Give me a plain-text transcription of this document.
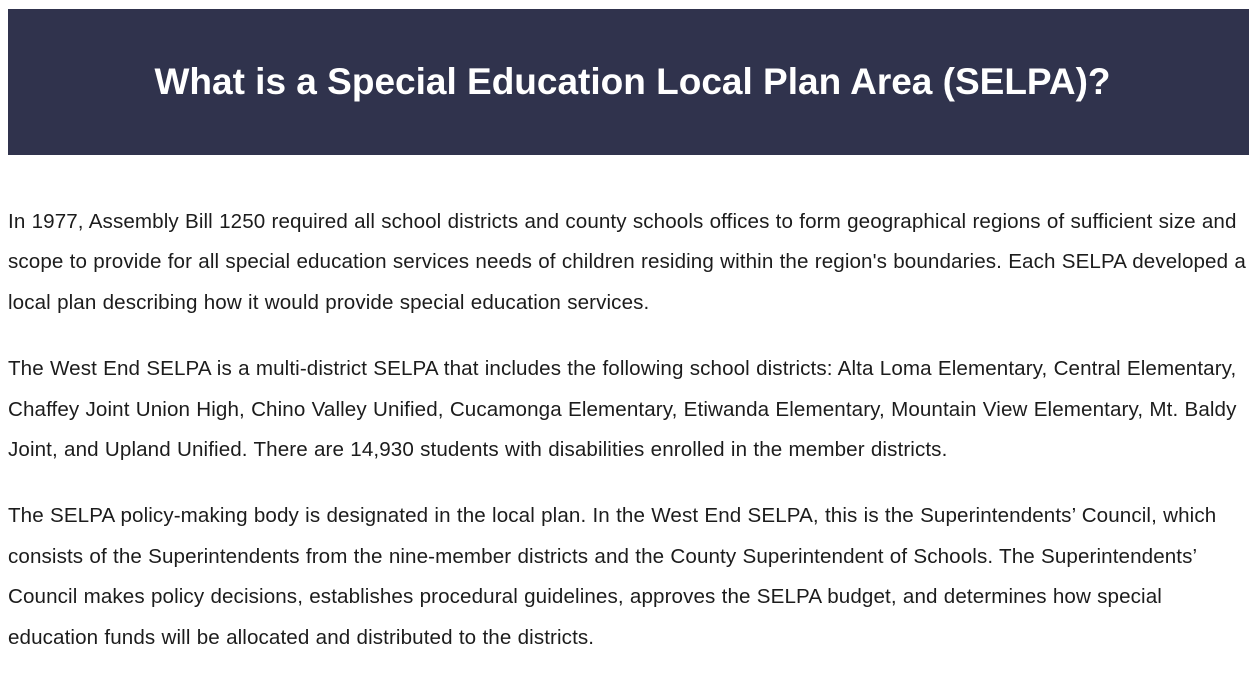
What is a Special Education Local Plan Area (SELPA)?

In 1977, Assembly Bill 1250 required all school districts and county schools offices to form geographical regions of sufficient size and scope to provide for all special education services needs of children residing within the region's boundaries. Each SELPA developed a local plan describing how it would provide special education services.

The West End SELPA is a multi-district SELPA that includes the following school districts: Alta Loma Elementary, Central Elementary, Chaffey Joint Union High, Chino Valley Unified, Cucamonga Elementary, Etiwanda Elementary, Mountain View Elementary, Mt. Baldy Joint, and Upland Unified. There are 14,930 students with disabilities enrolled in the member districts.

The SELPA policy-making body is designated in the local plan. In the West End SELPA, this is the Superintendents’ Council, which consists of the Superintendents from the nine-member districts and the County Superintendent of Schools. The Superintendents’ Council makes policy decisions, establishes procedural guidelines, approves the SELPA budget, and determines how special education funds will be allocated and distributed to the districts.
